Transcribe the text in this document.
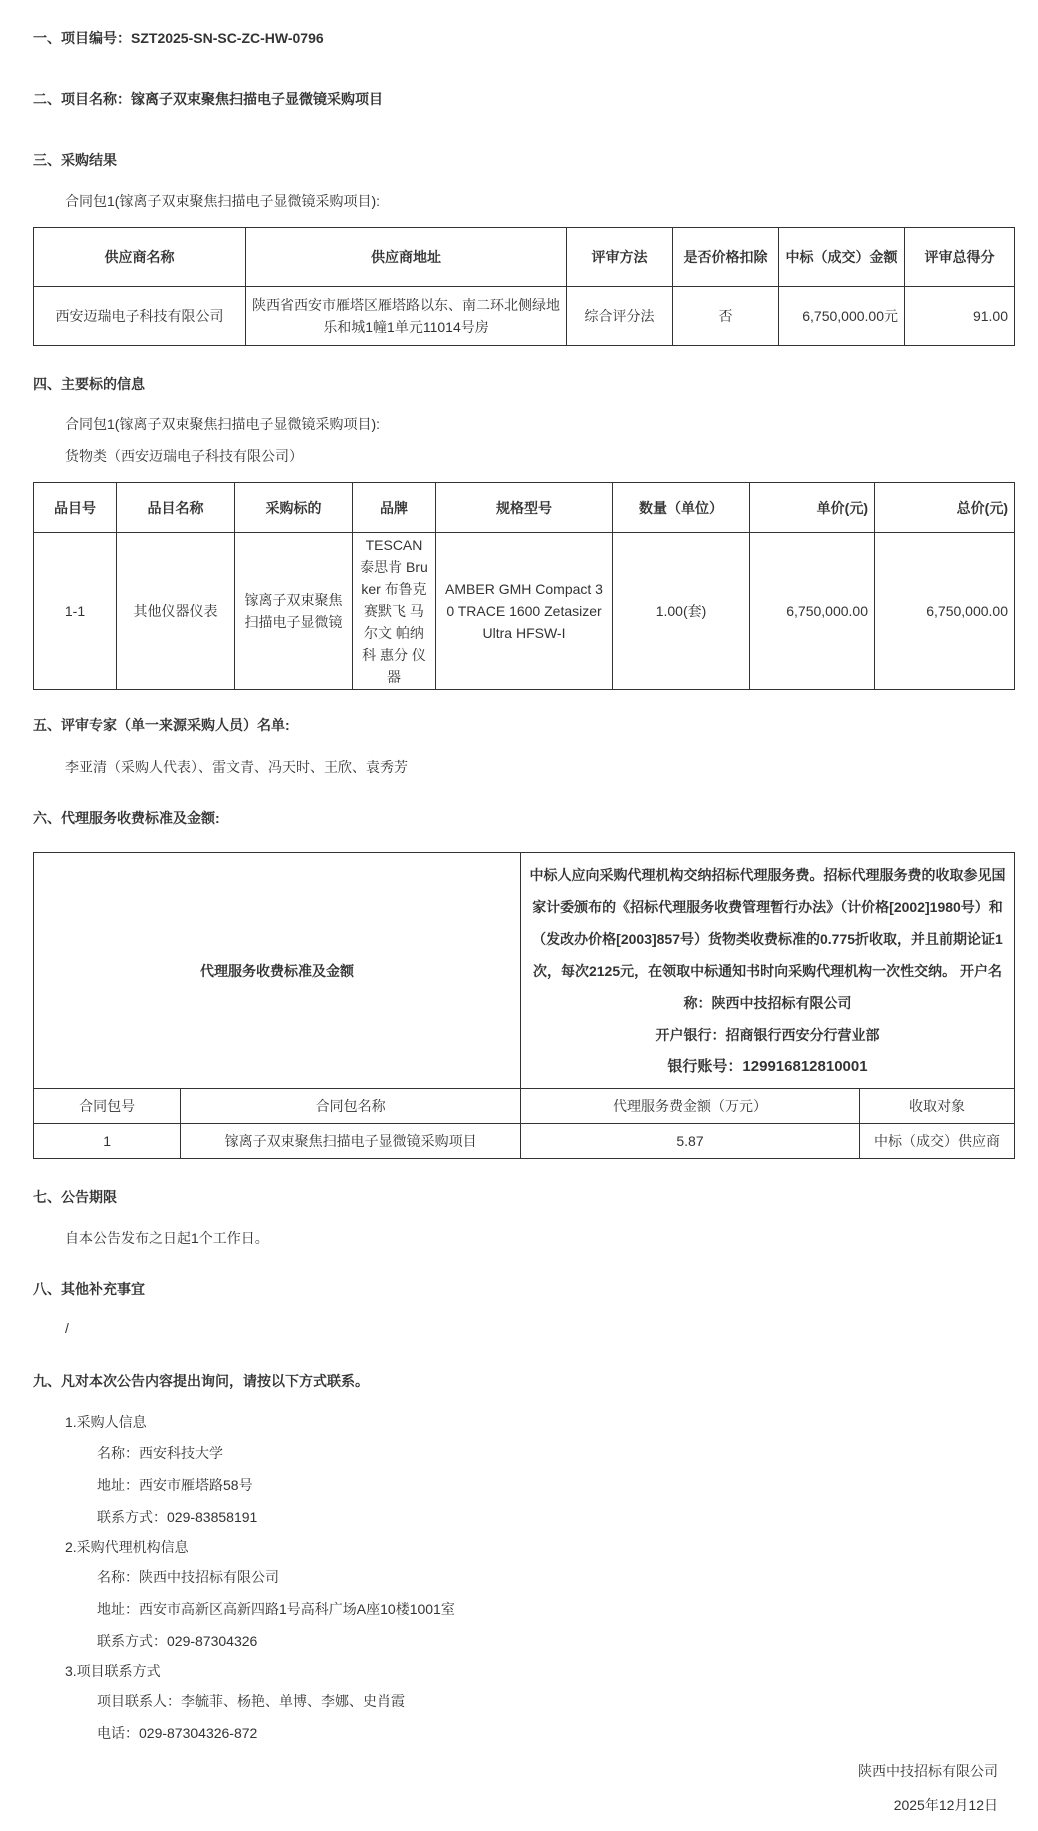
一、项目编号：SZT2025-SN-SC-ZC-HW-0796
二、项目名称：镓离子双束聚焦扫描电子显微镜采购项目
三、采购结果
合同包1(镓离子双束聚焦扫描电子显微镜采购项目):
供应商名称	供应商地址	评审方法	是否价格扣除	中标（成交）金额	评审总得分
西安迈瑞电子科技有限公司	陕西省西安市雁塔区雁塔路以东、南二环北侧绿地乐和城1幢1单元11014号房	综合评分法	否	6,750,000.00元	91.00
四、主要标的信息
合同包1(镓离子双束聚焦扫描电子显微镜采购项目):
货物类（西安迈瑞电子科技有限公司）
品目号	品目名称	采购标的	品牌	规格型号	数量（单位）	单价(元)	总价(元)
1-1	其他仪器仪表	镓离子双束聚焦扫描电子显微镜	TESCAN 泰思肯 Bruker 布鲁克 赛默飞 马尔文 帕纳科 惠分 仪器	AMBER GMH Compact 30 TRACE 1600 Zetasizer Ultra HFSW-I	1.00(套)	6,750,000.00	6,750,000.00
五、评审专家（单一来源采购人员）名单:
李亚清（采购人代表）、雷文青、冯天时、王欣、袁秀芳
六、代理服务收费标准及金额:
代理服务收费标准及金额		中标人应向采购代理机构交纳招标代理服务费。招标代理服务费的收取参见国家计委颁布的《招标代理服务收费管理暂行办法》（计价格[2002]1980号）和（发改办价格[2003]857号）货物类收费标准的0.775折收取，并且前期论证1次，每次2125元，在领取中标通知书时向采购代理机构一次性交纳。 开户名称：陕西中技招标有限公司
开户银行：招商银行西安分行营业部
银行账号：129916812810001	

合同包号	合同包名称	代理服务费金额（万元）	收取对象
1	镓离子双束聚焦扫描电子显微镜采购项目	5.87	中标（成交）供应商
七、公告期限
自本公告发布之日起1个工作日。
八、其他补充事宜
/
九、凡对本次公告内容提出询问，请按以下方式联系。
1.采购人信息
名称：西安科技大学
地址：西安市雁塔路58号
联系方式：029-83858191
2.采购代理机构信息
名称：陕西中技招标有限公司
地址：西安市高新区高新四路1号高科广场A座10楼1001室
联系方式：029-87304326
3.项目联系方式
项目联系人：李毓菲、杨艳、单博、李娜、史肖霞
电话：029-87304326-872
陕西中技招标有限公司
2025年12月12日
